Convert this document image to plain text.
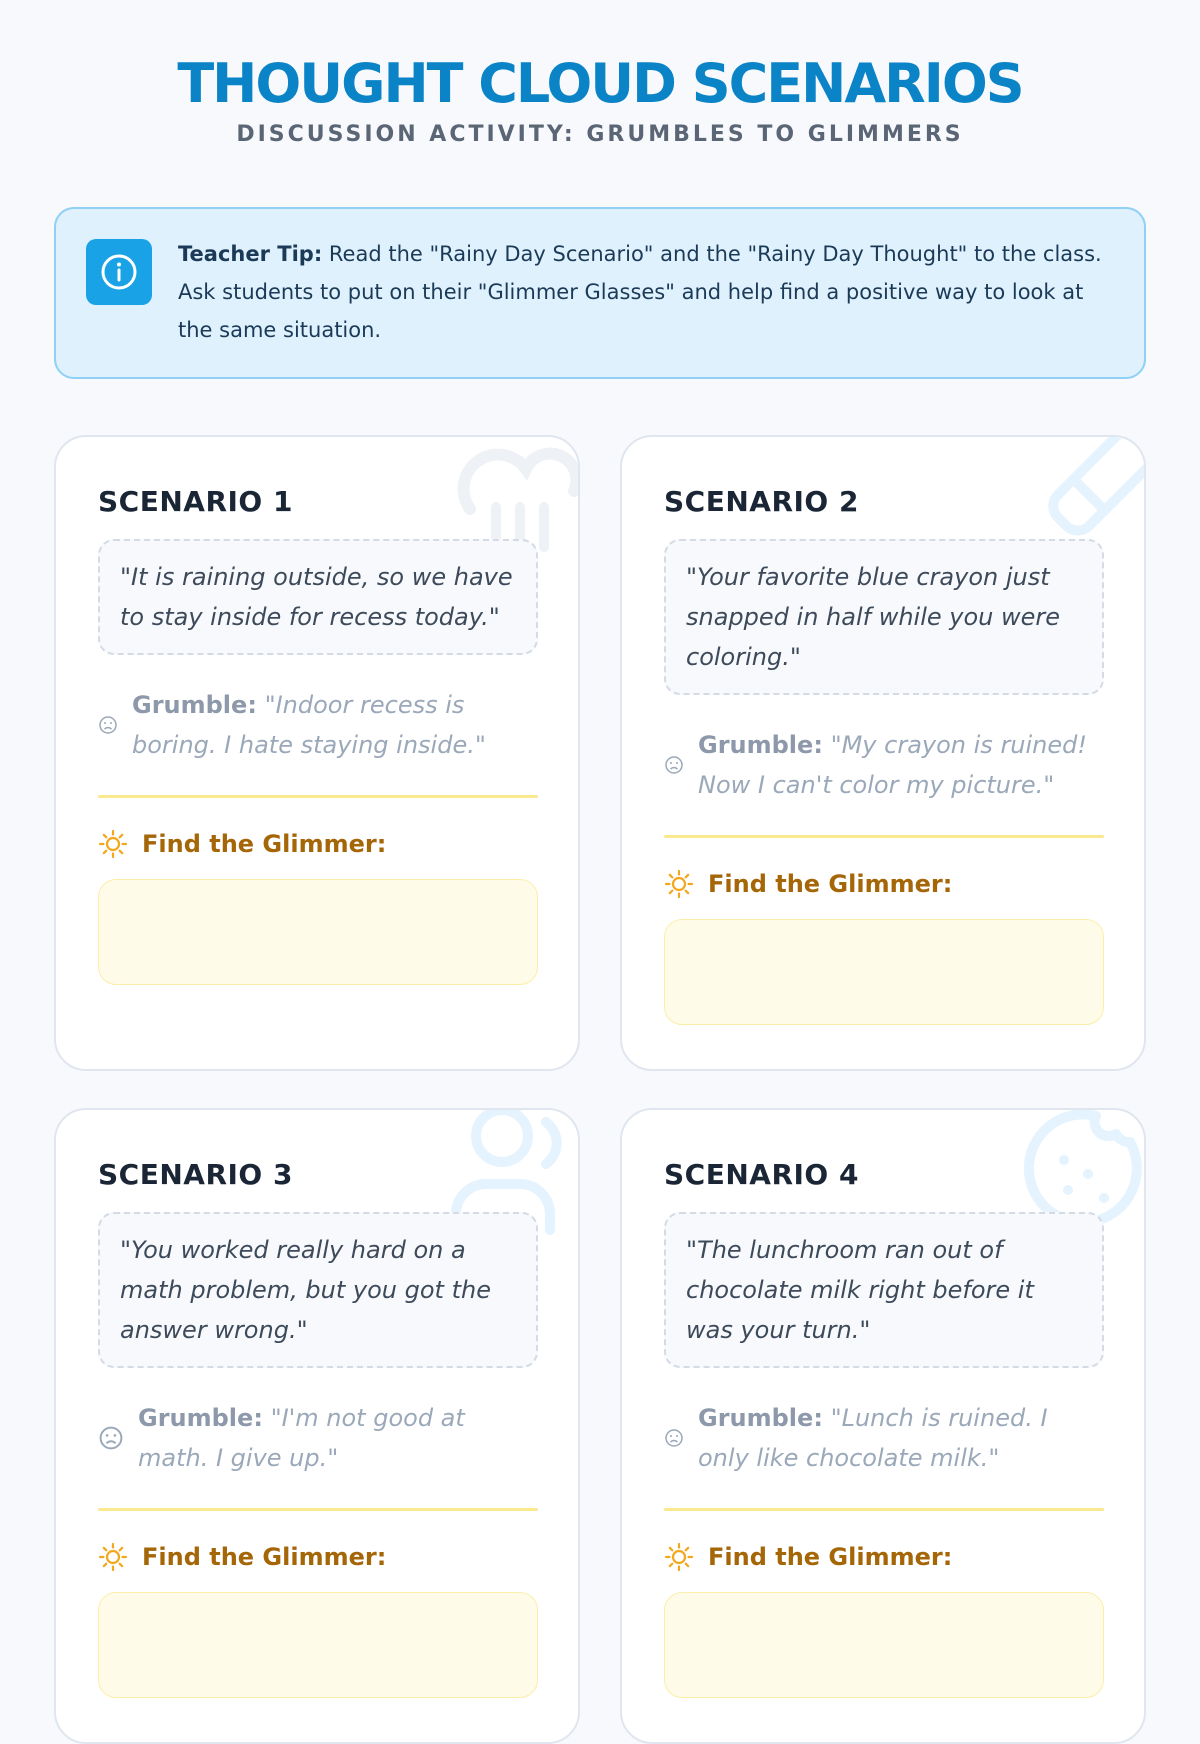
THOUGHT CLOUD SCENARIOS
DISCUSSION ACTIVITY: GRUMBLES TO GLIMMERS
Teacher Tip: Read the "Rainy Day Scenario" and the "Rainy Day Thought" to the class. Ask students to put on their "Glimmer Glasses" and help find a positive way to look at the same situation.
SCENARIO 1
"It is raining outside, so we have to stay inside for recess today."
Grumble: "Indoor recess is boring. I hate staying inside."
Find the Glimmer:
SCENARIO 2
"Your favorite blue crayon just snapped in half while you were coloring."
Grumble: "My crayon is ruined! Now I can't color my picture."
Find the Glimmer:
SCENARIO 3
"You worked really hard on a math problem, but you got the answer wrong."
Grumble: "I'm not good at math. I give up."
Find the Glimmer:
SCENARIO 4
"The lunchroom ran out of chocolate milk right before it was your turn."
Grumble: "Lunch is ruined. I only like chocolate milk."
Find the Glimmer:
